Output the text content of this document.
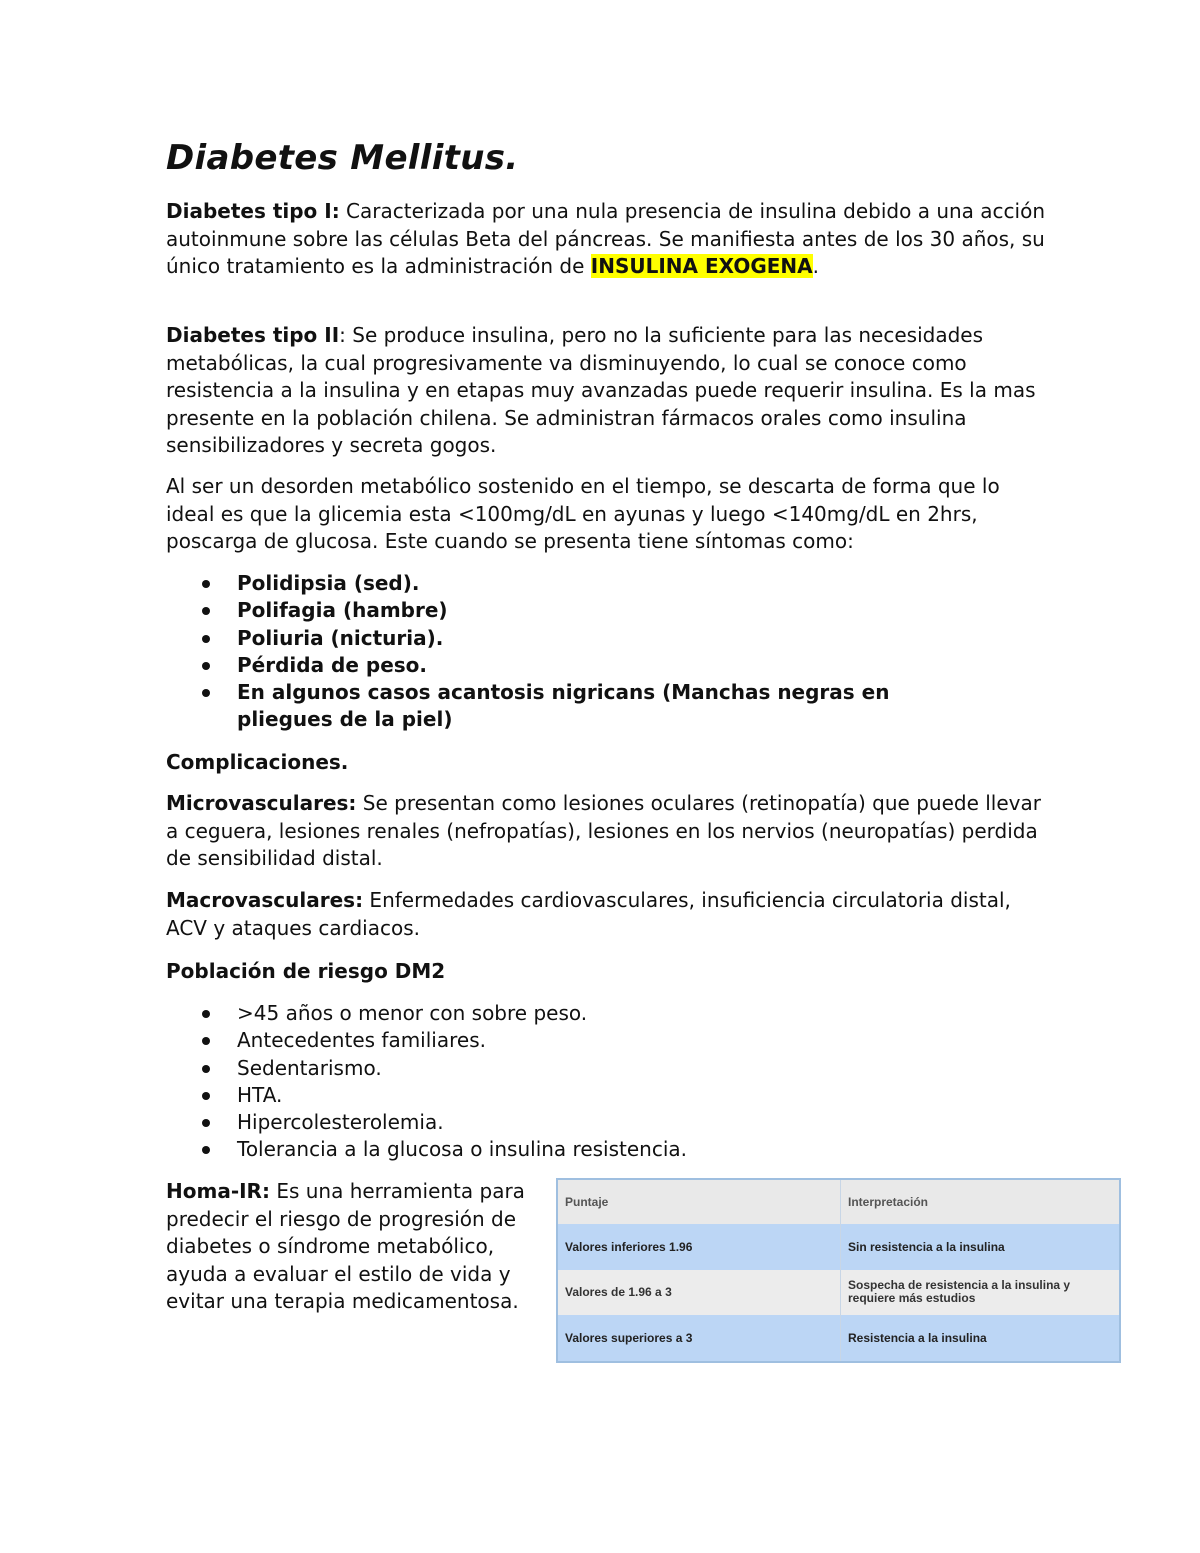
Diabetes Mellitus.

Diabetes tipo I: Caracterizada por una nula presencia de insulina debido a una acción autoinmune sobre las células Beta del páncreas. Se manifiesta antes de los 30 años, su único tratamiento es la administración de INSULINA EXOGENA.

Diabetes tipo II: Se produce insulina, pero no la suficiente para las necesidades metabólicas, la cual progresivamente va disminuyendo, lo cual se conoce como resistencia a la insulina y en etapas muy avanzadas puede requerir insulina. Es la mas presente en la población chilena. Se administran fármacos orales como insulina sensibilizadores y secreta gogos.

Al ser un desorden metabólico sostenido en el tiempo, se descarta de forma que lo ideal es que la glicemia esta <100mg/dL en ayunas y luego <140mg/dL en 2hrs, poscarga de glucosa. Este cuando se presenta tiene síntomas como:

Polidipsia (sed).
Polifagia (hambre)
Poliuria (nicturia).
Pérdida de peso.
En algunos casos acantosis nigricans (Manchas negras en pliegues de la piel)

Complicaciones.

Microvasculares: Se presentan como lesiones oculares (retinopatía) que puede llevar a ceguera, lesiones renales (nefropatías), lesiones en los nervios (neuropatías) perdida de sensibilidad distal.

Macrovasculares: Enfermedades cardiovasculares, insuficiencia circulatoria distal, ACV y ataques cardiacos.

Población de riesgo DM2

>45 años o menor con sobre peso.
Antecedentes familiares.
Sedentarismo.
HTA.
Hipercolesterolemia.
Tolerancia a la glucosa o insulina resistencia.

Homa-IR: Es una herramienta para predecir el riesgo de progresión de diabetes o síndrome metabólico, ayuda a evaluar el estilo de vida y evitar una terapia medicamentosa.

Puntaje	Interpretación
Valores inferiores 1.96	Sin resistencia a la insulina
Valores de 1.96 a 3	Sospecha de resistencia a la insulina y requiere más estudios
Valores superiores a 3	Resistencia a la insulina
